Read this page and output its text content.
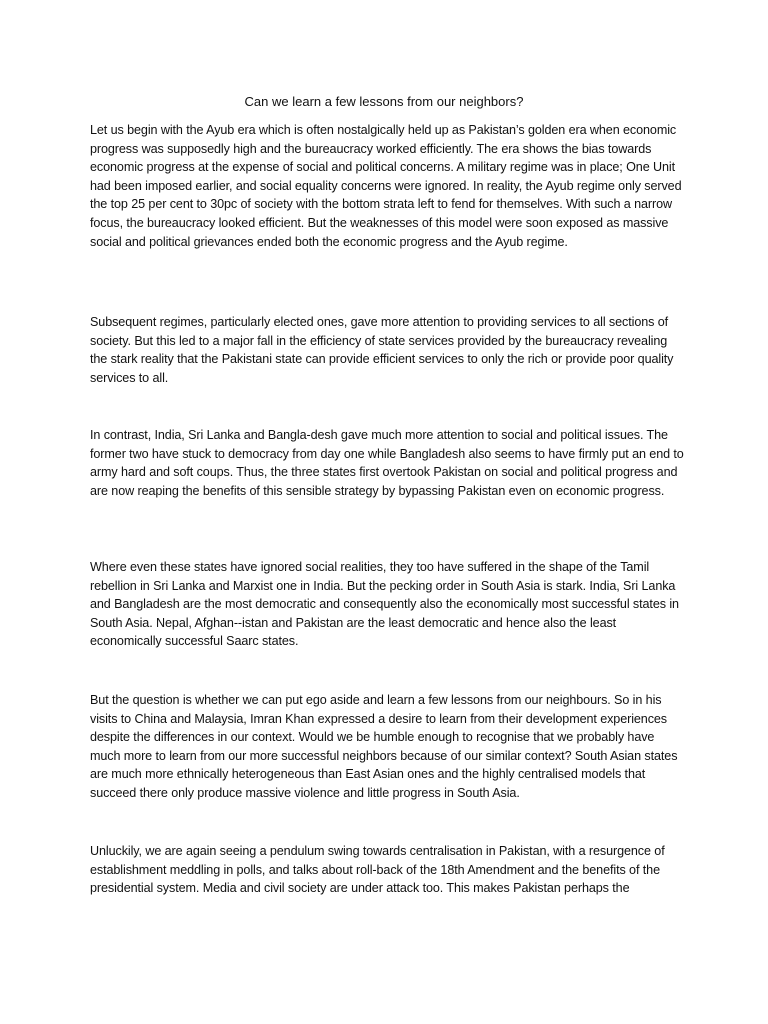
Can we learn a few lessons from our neighbors?

Let us begin with the Ayub era which is often nostalgically held up as Pakistan’s golden era when economic progress was supposedly high and the bureaucracy worked efficiently. The era shows the bias towards economic progress at the expense of social and political concerns. A military regime was in place; One Unit had been imposed earlier, and social equality concerns were ignored. In reality, the Ayub regime only served the top 25 per cent to 30pc of society with the bottom strata left to fend for themselves. With such a narrow focus, the bureaucracy looked efficient. But the weaknesses of this model were soon exposed as massive social and political grievances ended both the economic progress and the Ayub regime.

Subsequent regimes, particularly elected ones, gave more attention to providing services to all sections of society. But this led to a major fall in the efficiency of state services provided by the bureaucracy revealing the stark reality that the Pakistani state can provide efficient services to only the rich or provide poor quality services to all.

In contrast, India, Sri Lanka and Bangla-desh gave much more attention to social and political issues. The former two have stuck to democracy from day one while Bangladesh also seems to have firmly put an end to army hard and soft coups. Thus, the three states first overtook Pakistan on social and political progress and are now reaping the benefits of this sensible strategy by bypassing Pakistan even on economic progress.

Where even these states have ignored social realities, they too have suffered in the shape of the Tamil rebellion in Sri Lanka and Marxist one in India. But the pecking order in South Asia is stark. India, Sri Lanka and Bangladesh are the most democratic and consequently also the economically most successful states in South Asia. Nepal, Afghan--istan and Pakistan are the least democratic and hence also the least economically successful Saarc states.

But the question is whether we can put ego aside and learn a few lessons from our neighbours. So in his visits to China and Malaysia, Imran Khan expressed a desire to learn from their development experiences despite the differences in our context. Would we be humble enough to recognise that we probably have much more to learn from our more successful neighbors because of our similar context? South Asian states are much more ethnically heterogeneous than East Asian ones and the highly centralised models that succeed there only produce massive violence and little progress in South Asia.

Unluckily, we are again seeing a pendulum swing towards centralisation in Pakistan, with a resurgence of establishment meddling in polls, and talks about roll-back of the 18th Amendment and the benefits of the presidential system. Media and civil society are under attack too. This makes Pakistan perhaps the
